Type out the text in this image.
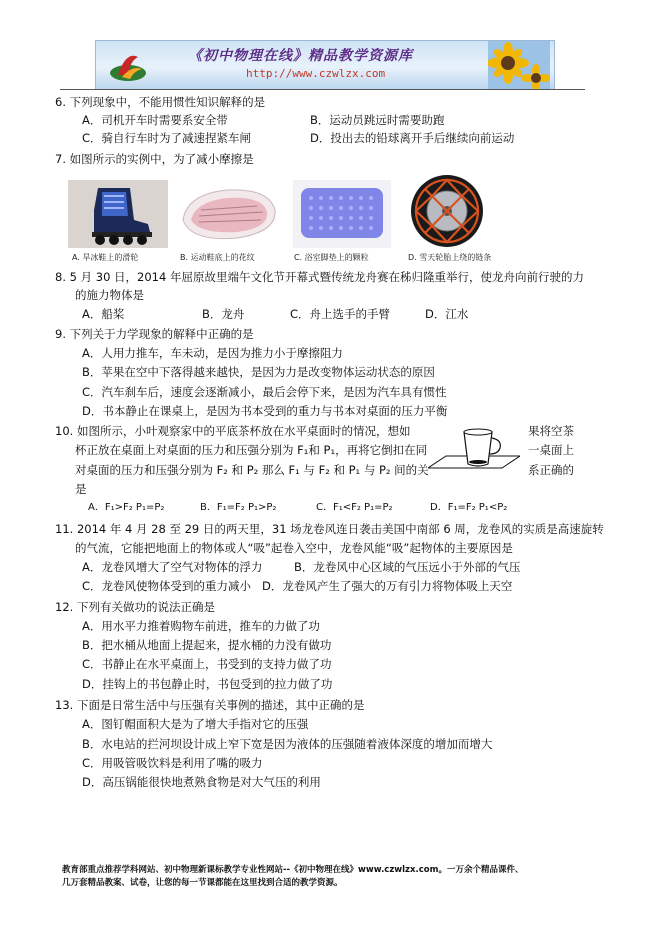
《初中物理在线》精品教学资源库
http://www.czwlzx.com
6. 下列现象中，不能用惯性知识解释的是
A．司机开车时需要系安全带	B．运动员跳远时需要助跑
C．骑自行车时为了减速捏紧车闸	D．投出去的铅球离开手后继续向前运动
7. 如图所示的实例中，为了减小摩擦是
A. 旱冰鞋上的滑轮	B. 运动鞋底上的花纹	C. 浴室脚垫上的颗粒	D. 雪天轮胎上绕的链条
8. 5 月 30 日，2014 年屈原故里端午文化节开幕式暨传统龙舟赛在秭归隆重举行，使龙舟向前行驶的力
的施力物体是
A．船桨	B．龙舟	C．舟上选手的手臂	D．江水
9. 下列关于力学现象的解释中正确的是
A．人用力推车，车未动，是因为推力小于摩擦阻力
B．苹果在空中下落得越来越快，是因为力是改变物体运动状态的原因
C．汽车刹车后，速度会逐渐减小，最后会停下来，是因为汽车具有惯性
D．书本静止在课桌上，是因为书本受到的重力与书本对桌面的压力平衡
10. 如图所示，小叶观察家中的平底茶杯放在水平桌面时的情况，想如	果将空茶
杯正放在桌面上对桌面的压力和压强分别为 F₁和 P₁，再将它倒扣在同	一桌面上
对桌面的压力和压强分别为 F₂ 和 P₂ 那么 F₁ 与 F₂ 和 P₁ 与 P₂ 间的关	系正确的
是
A．F₁>F₂ P₁=P₂	B．F₁=F₂ P₁>P₂	C．F₁<F₂ P₁=P₂	D．F₁=F₂ P₁<P₂
11. 2014 年 4 月 28 至 29 日的两天里，31 场龙卷风连日袭击美国中南部 6 周，龙卷风的实质是高速旋转
的气流，它能把地面上的物体或人“吸”起卷入空中，龙卷风能“吸”起物体的主要原因是
A．龙卷风增大了空气对物体的浮力	B．龙卷风中心区域的气压远小于外部的气压
C．龙卷风使物体受到的重力减小 D．龙卷风产生了强大的万有引力将物体吸上天空
12. 下列有关做功的说法正确是
A．用水平力推着购物车前进，推车的力做了功
B．把水桶从地面上提起来，提水桶的力没有做功
C．书静止在水平桌面上，书受到的支持力做了功
D．挂钩上的书包静止时，书包受到的拉力做了功
13. 下面是日常生活中与压强有关事例的描述，其中正确的是
A．图钉帽面积大是为了增大手指对它的压强
B．水电站的拦河坝设计成上窄下宽是因为液体的压强随着液体深度的增加而增大
C．用吸管吸饮料是利用了嘴的吸力
D．高压锅能很快地煮熟食物是对大气压的利用
教育部重点推荐学科网站、初中物理新课标教学专业性网站--《初中物理在线》www.czwlzx.com。一万余个精品课件、
几万套精品教案、试卷，让您的每一节课都能在这里找到合适的教学资源。
